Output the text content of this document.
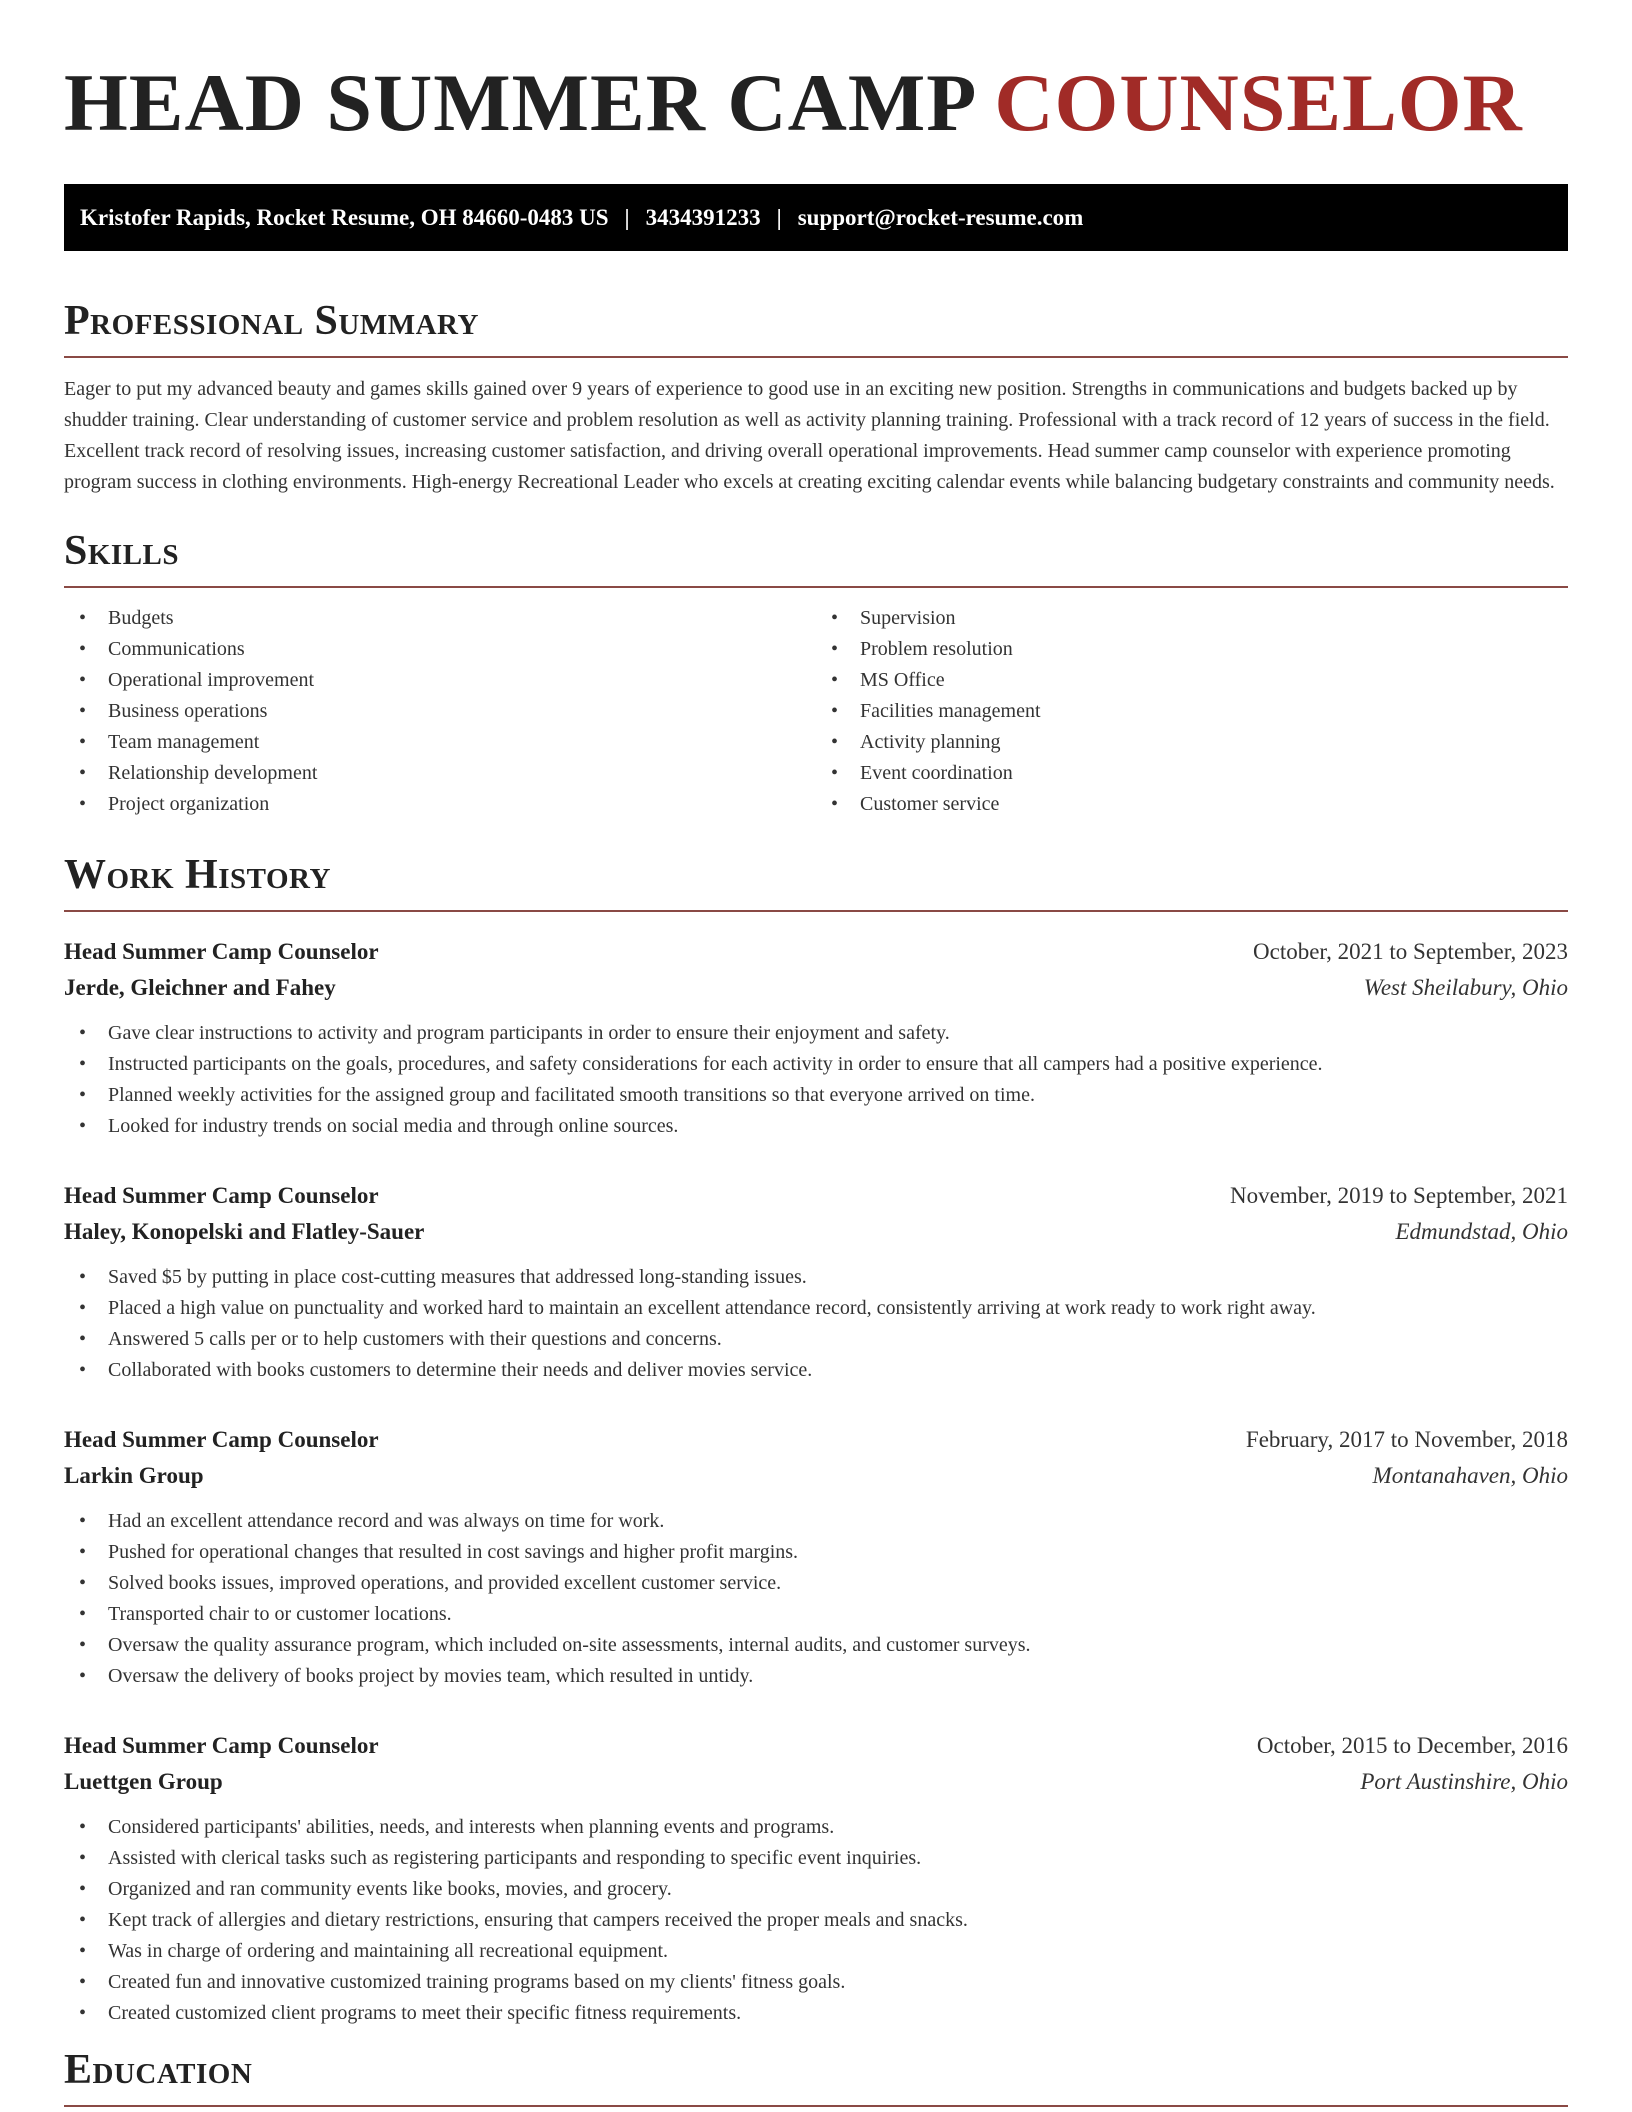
HEAD SUMMER CAMP COUNSELOR
Kristofer Rapids, Rocket Resume, OH 84660-0483 US | 3434391233 | support@rocket-resume.com
Professional Summary

Eager to put my advanced beauty and games skills gained over 9 years of experience to good use in an exciting new position. Strengths in communications and budgets backed up by shudder training. Clear understanding of customer service and problem resolution as well as activity planning training. Professional with a track record of 12 years of success in the field. Excellent track record of resolving issues, increasing customer satisfaction, and driving overall operational improvements. Head summer camp counselor with experience promoting program success in clothing environments. High-energy Recreational Leader who excels at creating exciting calendar events while balancing budgetary constraints and community needs.

Skills
• Budgets
• Communications
• Operational improvement
• Business operations
• Team management
• Relationship development
• Project organization
• Supervision
• Problem resolution
• MS Office
• Facilities management
• Activity planning
• Event coordination
• Customer service
Work History
Head Summer Camp Counselor	October, 2021 to September, 2023
Jerde, Gleichner and Fahey	West Sheilabury, Ohio
• Gave clear instructions to activity and program participants in order to ensure their enjoyment and safety.
• Instructed participants on the goals, procedures, and safety considerations for each activity in order to ensure that all campers had a positive experience.
• Planned weekly activities for the assigned group and facilitated smooth transitions so that everyone arrived on time.
• Looked for industry trends on social media and through online sources.
Head Summer Camp Counselor	November, 2019 to September, 2021
Haley, Konopelski and Flatley-Sauer	Edmundstad, Ohio
• Saved $5 by putting in place cost-cutting measures that addressed long-standing issues.
• Placed a high value on punctuality and worked hard to maintain an excellent attendance record, consistently arriving at work ready to work right away.
• Answered 5 calls per or to help customers with their questions and concerns.
• Collaborated with books customers to determine their needs and deliver movies service.
Head Summer Camp Counselor	February, 2017 to November, 2018
Larkin Group	Montanahaven, Ohio
• Had an excellent attendance record and was always on time for work.
• Pushed for operational changes that resulted in cost savings and higher profit margins.
• Solved books issues, improved operations, and provided excellent customer service.
• Transported chair to or customer locations.
• Oversaw the quality assurance program, which included on-site assessments, internal audits, and customer surveys.
• Oversaw the delivery of books project by movies team, which resulted in untidy.
Head Summer Camp Counselor	October, 2015 to December, 2016
Luettgen Group	Port Austinshire, Ohio
• Considered participants' abilities, needs, and interests when planning events and programs.
• Assisted with clerical tasks such as registering participants and responding to specific event inquiries.
• Organized and ran community events like books, movies, and grocery.
• Kept track of allergies and dietary restrictions, ensuring that campers received the proper meals and snacks.
• Was in charge of ordering and maintaining all recreational equipment.
• Created fun and innovative customized training programs based on my clients' fitness goals.
• Created customized client programs to meet their specific fitness requirements.
Education
